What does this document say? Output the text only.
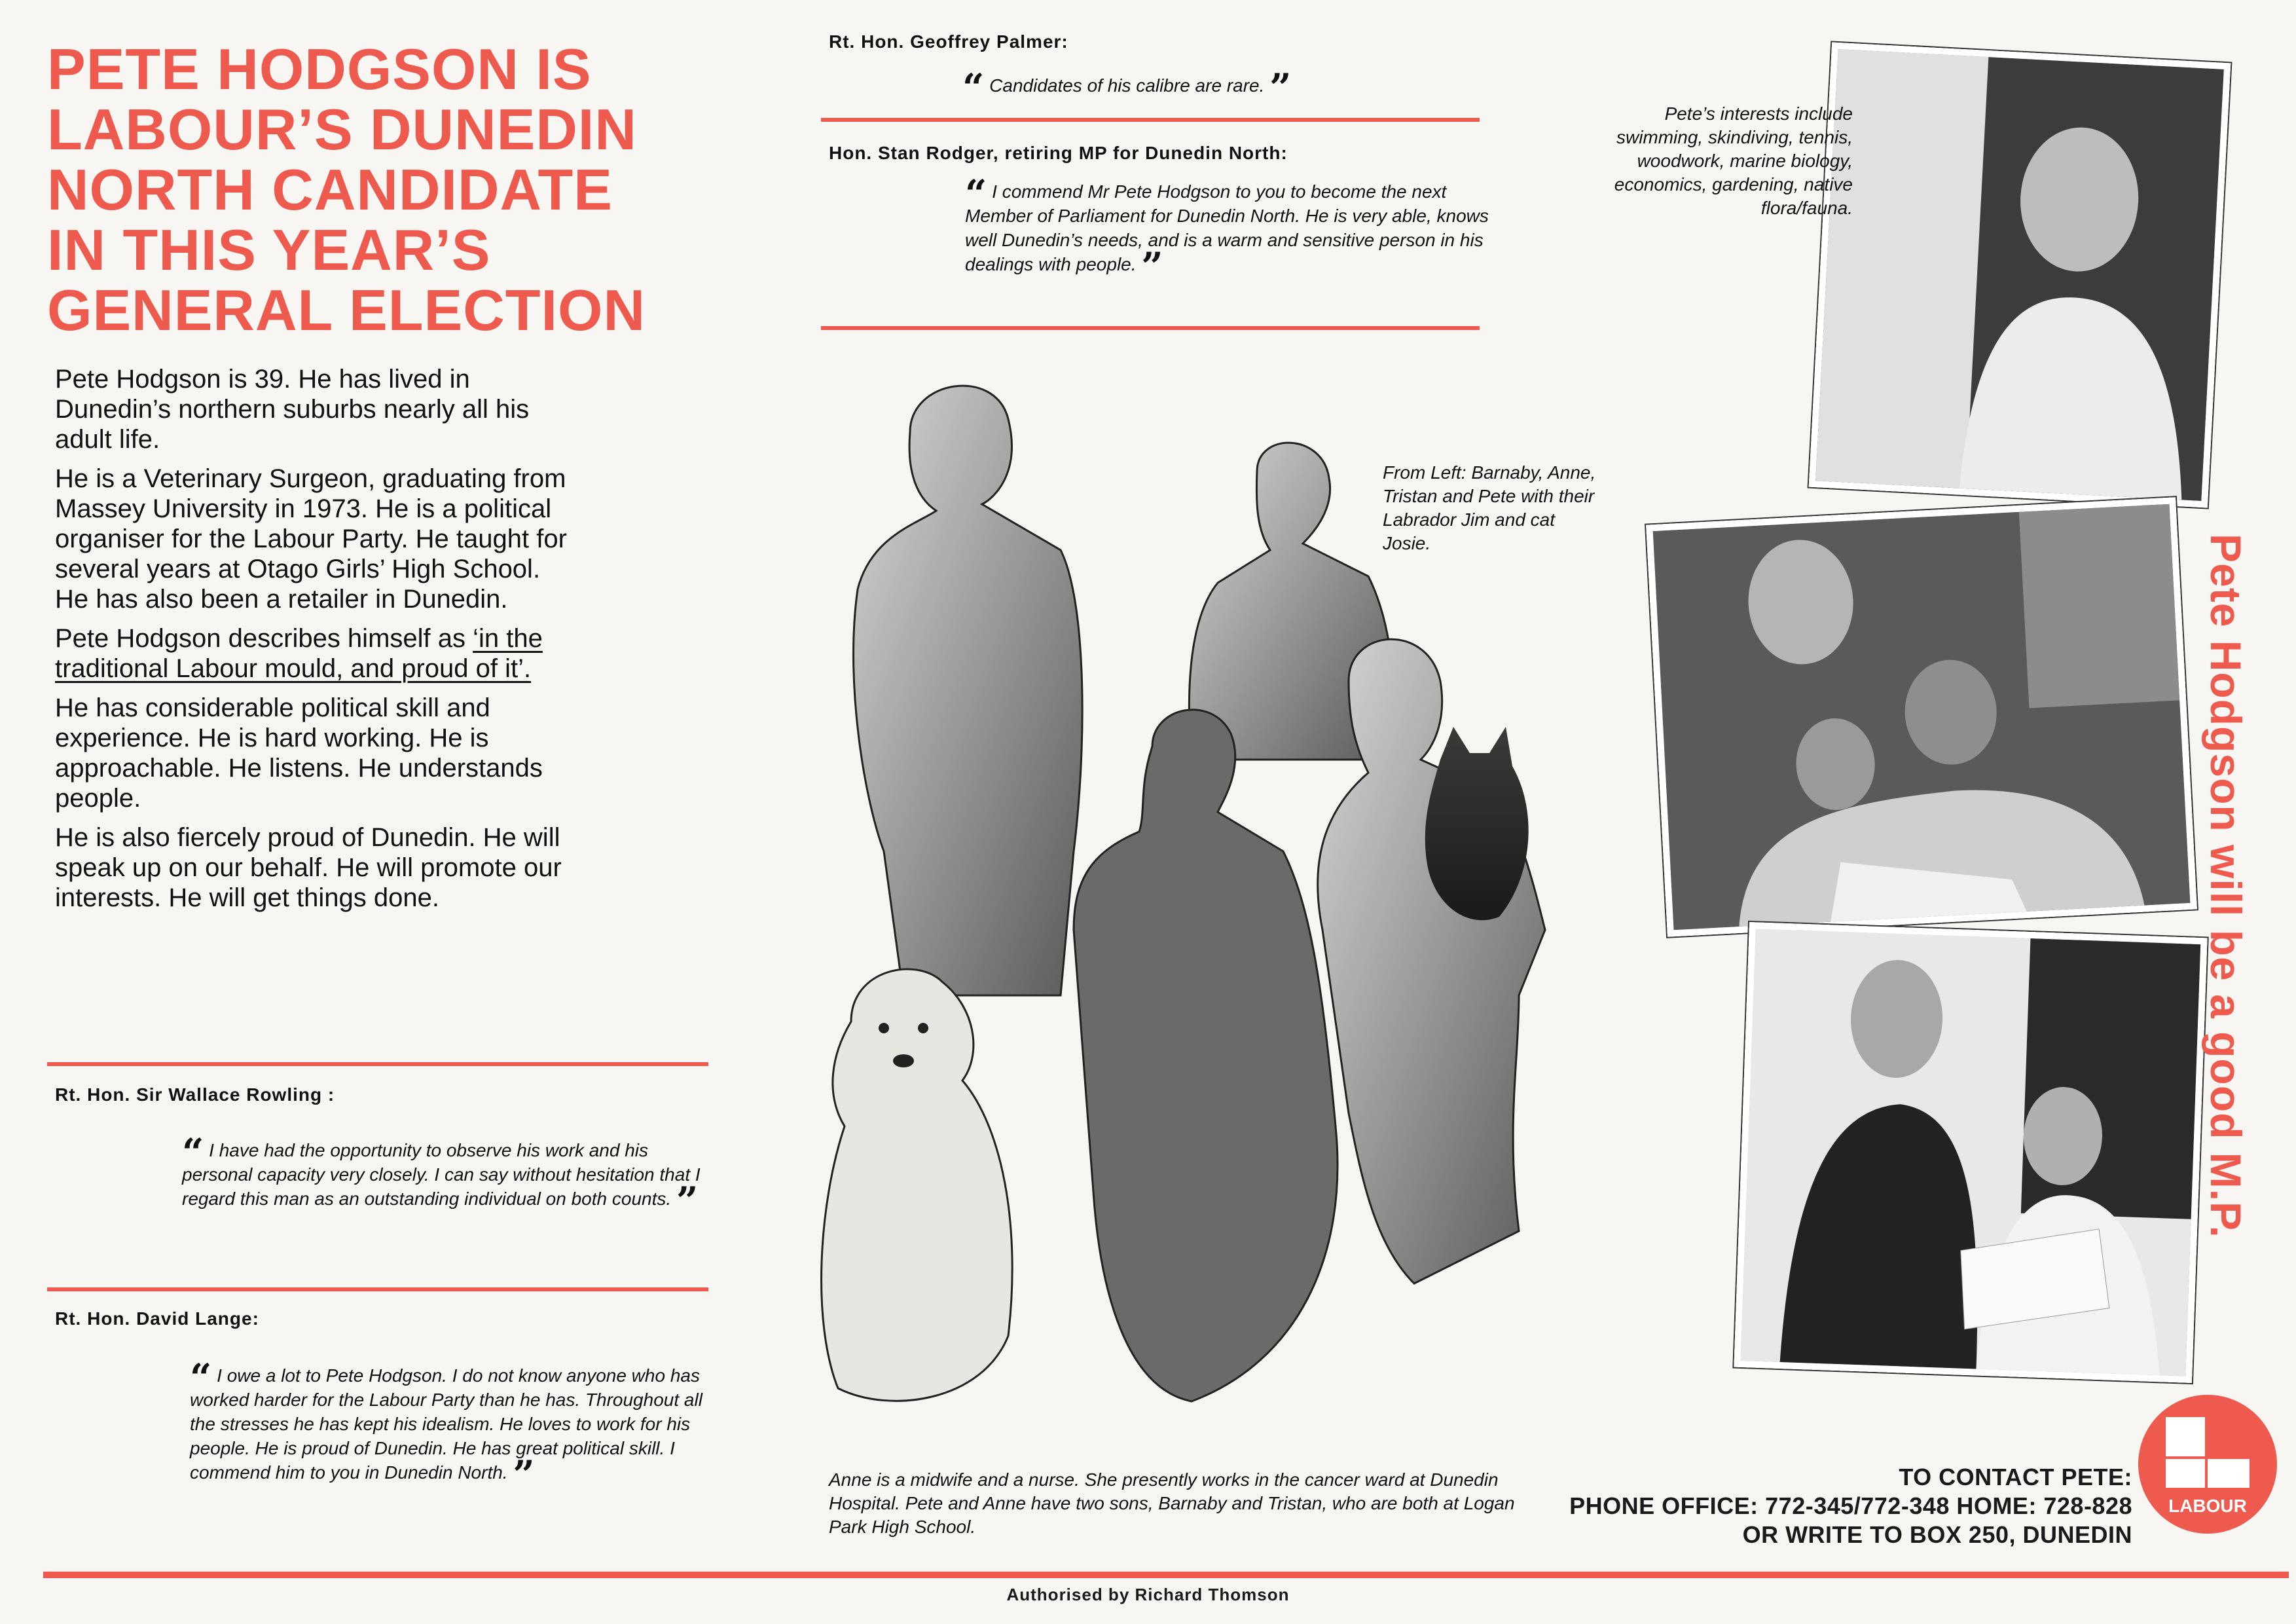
PETE HODGSON IS
LABOUR’S DUNEDIN
NORTH CANDIDATE
IN THIS YEAR’S
GENERAL ELECTION

Pete Hodgson is 39. He has lived in Dunedin’s northern suburbs nearly all his adult life.

He is a Veterinary Surgeon, graduating from Massey University in 1973. He is a political organiser for the Labour Party. He taught for several years at Otago Girls’ High School. He has also been a retailer in Dunedin.

Pete Hodgson describes himself as ‘in the traditional Labour mould, and proud of it’.

He has considerable political skill and experience. He is hard working. He is approachable. He listens. He understands people.

He is also fiercely proud of Dunedin. He will speak up on our behalf. He will promote our interests. He will get things done.

Rt. Hon. Sir Wallace Rowling :
“ I have had the opportunity to observe his work and his personal capacity very closely. I can say without hesitation that I regard this man as an outstanding individual on both counts. ”
Rt. Hon. David Lange:
“ I owe a lot to Pete Hodgson. I do not know anyone who has worked harder for the Labour Party than he has. Throughout all the stresses he has kept his idealism. He loves to work for his people. He is proud of Dunedin. He has great political skill. I commend him to you in Dunedin North. ”
Rt. Hon. Geoffrey Palmer:
“ Candidates of his calibre are rare. ”
Hon. Stan Rodger, retiring MP for Dunedin North:
“ I commend Mr Pete Hodgson to you to become the next Member of Parliament for Dunedin North. He is very able, knows well Dunedin’s needs, and is a warm and sensitive person in his dealings with people. ”
From Left: Barnaby, Anne, Tristan and Pete with their Labrador Jim and cat Josie.
Anne is a midwife and a nurse. She presently works in the cancer ward at Dunedin Hospital. Pete and Anne have two sons, Barnaby and Tristan, who are both at Logan Park High School.
Pete’s interests include swimming, skindiving, tennis, woodwork, marine biology, economics, gardening, native flora/fauna.
Pete Hodgson will be a good M.P.
TO CONTACT PETE:
PHONE OFFICE: 772-345/772-348 HOME: 728-828
OR WRITE TO BOX 250, DUNEDIN
LABOUR
Authorised by Richard Thomson
